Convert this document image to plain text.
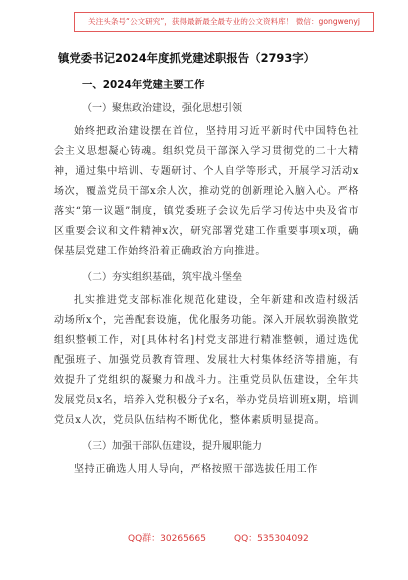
关注头条号“公文研究”，获得最新最全最专业的公文资料库！ 微信：gongwenyj
镇党委书记2024年度抓党建述职报告（2793字）
一、2024年党建主要工作
（一）聚焦政治建设，强化思想引领

始终把政治建设摆在首位，坚持用习近平新时代中国特色社会主义思想凝心铸魂。组织党员干部深入学习贯彻党的二十大精神，通过集中培训、专题研讨、个人自学等形式，开展学习活动x场次，覆盖党员干部x余人次，推动党的创新理论入脑入心。严格落实“第一议题”制度，镇党委班子会议先后学习传达中央及省市区重要会议和文件精神x次，研究部署党建工作重要事项x项，确保基层党建工作始终沿着正确政治方向推进。

（二）夯实组织基础，筑牢战斗堡垒

扎实推进党支部标准化规范化建设，全年新建和改造村级活动场所x个，完善配套设施，优化服务功能。深入开展软弱涣散党组织整顿工作，对[具体村名]村党支部进行精准整顿，通过选优配强班子、加强党员教育管理、发展壮大村集体经济等措施，有效提升了党组织的凝聚力和战斗力。注重党员队伍建设，全年共发展党员x名，培养入党积极分子x名，举办党员培训班x期，培训党员x人次，党员队伍结构不断优化，整体素质明显提高。

（三）加强干部队伍建设，提升履职能力

坚持正确选人用人导向，严格按照干部选拔任用工作

QQ群：30265665	QQ：535304092
